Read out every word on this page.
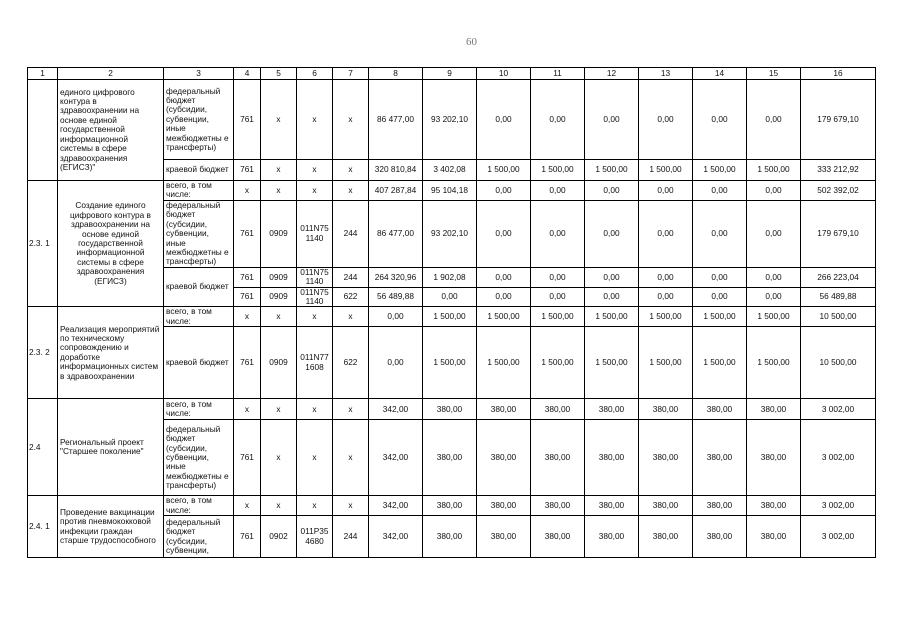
60
1	2	3	4	5	6	7	8	9	10	11	12	13	14	15	16
	единого цифрового контура в здравоохранении на основе единой государственной информационной системы в сфере здравоохранения (ЕГИСЗ)"	федеральный бюджет (субсидии, субвенции, иные межбюджетны е трансферты)	761	х	х	х	86 477,00	93 202,10	0,00	0,00	0,00	0,00	0,00	0,00	179 679,10
		краевой бюджет	761	х	х	х	320 810,84	3 402,08	1 500,00	1 500,00	1 500,00	1 500,00	1 500,00	1 500,00	333 212,92
2.3. 1	Создание единого цифрового контура в здравоохранении на основе единой государственной информационной системы в сфере здравоохранения (ЕГИСЗ)	всего, в том числе:	х	х	х	х	407 287,84	95 104,18	0,00	0,00	0,00	0,00	0,00	0,00	502 392,02
		федеральный бюджет (субсидии, субвенции, иные межбюджетны е трансферты)	761	0909	011N75 1140	244	86 477,00	93 202,10	0,00	0,00	0,00	0,00	0,00	0,00	179 679,10
		краевой бюджет	761	0909	011N75 1140	244	264 320,96	1 902,08	0,00	0,00	0,00	0,00	0,00	0,00	266 223,04
			761	0909	011N75 1140	622	56 489,88	0,00	0,00	0,00	0,00	0,00	0,00	0,00	56 489,88
2.3. 2	Реализация мероприятий по техническому сопровождению и доработке информационных систем в здравоохранении	всего, в том числе:	х	х	х	х	0,00	1 500,00	1 500,00	1 500,00	1 500,00	1 500,00	1 500,00	1 500,00	10 500,00
		краевой бюджет	761	0909	011N77 1608	622	0,00	1 500,00	1 500,00	1 500,00	1 500,00	1 500,00	1 500,00	1 500,00	10 500,00
2.4	Региональный проект "Старшее поколение"	всего, в том числе:	х	х	х	х	342,00	380,00	380,00	380,00	380,00	380,00	380,00	380,00	3 002,00
		федеральный бюджет (субсидии, субвенции, иные межбюджетны е трансферты)	761	х	х	х	342,00	380,00	380,00	380,00	380,00	380,00	380,00	380,00	3 002,00
2.4. 1	Проведение вакцинации против пневмококковой инфекции граждан старше трудоспособного	всего, в том числе:	х	х	х	х	342,00	380,00	380,00	380,00	380,00	380,00	380,00	380,00	3 002,00
		федеральный бюджет (субсидии, субвенции,	761	0902	011P35 4680	244	342,00	380,00	380,00	380,00	380,00	380,00	380,00	380,00	3 002,00
